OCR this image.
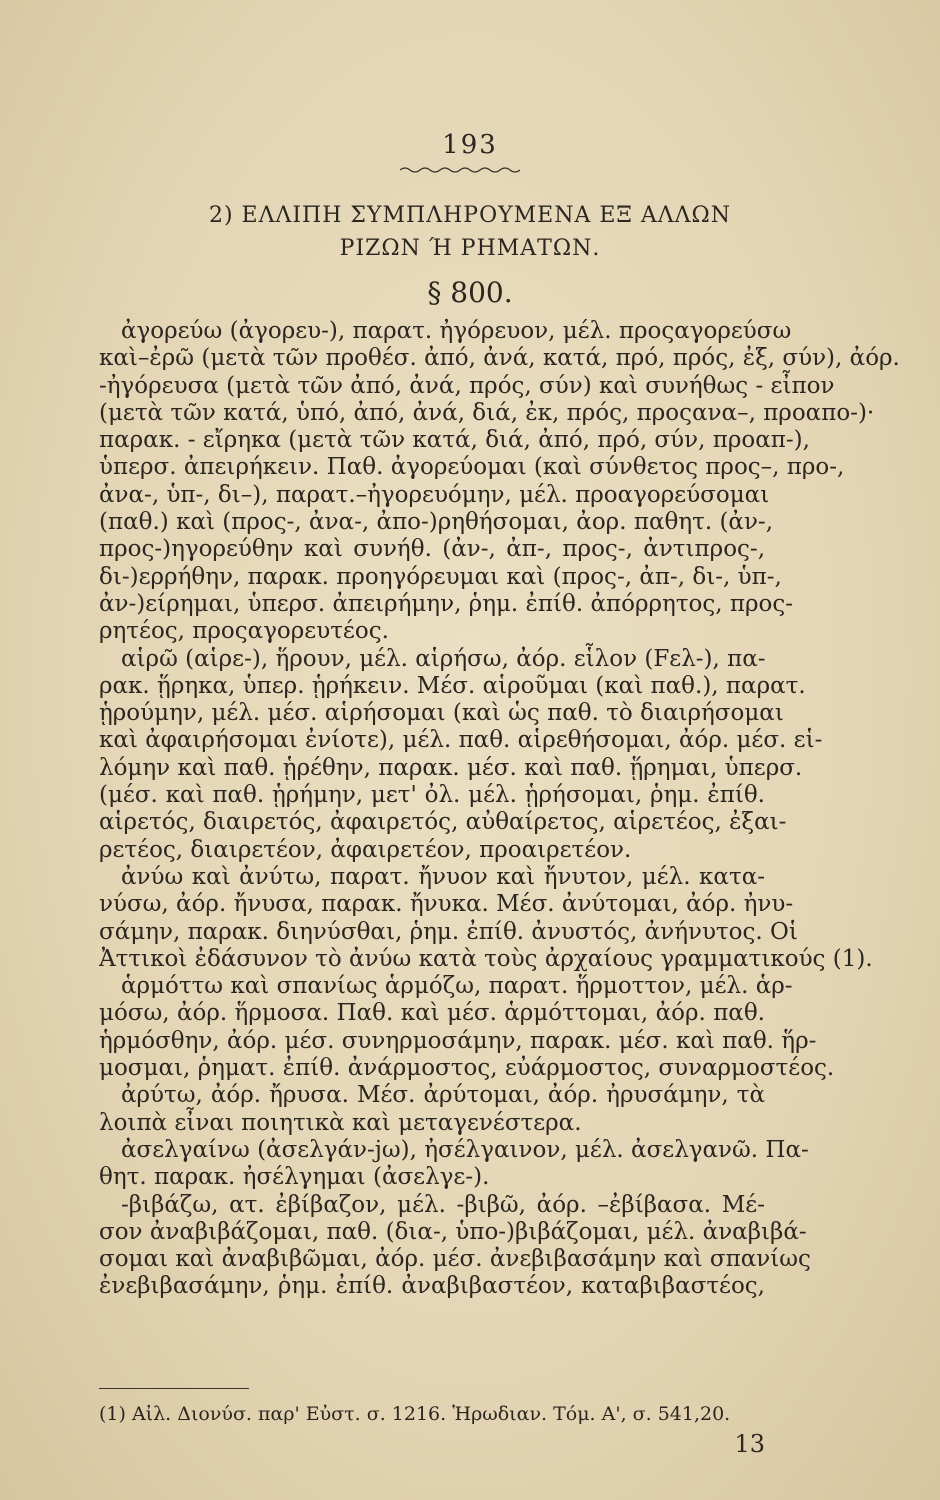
193
2) ΕΛΛΙΠΗ ΣΥΜΠΛΗΡΟΥΜΕΝΑ ΕΞ ΑΛΛΩΝ
ΡΙΖΩΝ Ή ΡΗΜΑΤΩΝ.
§ 800.
ἀγορεύω (ἀγορευ-), παρατ. ἠγόρευον, μέλ. προςαγορεύσω
καὶ–ἐρῶ (μετὰ τῶν προθέσ. ἀπό, ἀνά, κατά, πρό, πρός, ἐξ, σύν), ἀόρ.
-ἠγόρευσα (μετὰ τῶν ἀπό, ἀνά, πρός, σύν) καὶ συνήθως - εἶπον
(μετὰ τῶν κατά, ὑπό, ἀπό, ἀνά, διά, ἐκ, πρός, προςανα–, προαπο-)·
παρακ. - εἴρηκα (μετὰ τῶν κατά, διά, ἀπό, πρό, σύν, προαπ-),
ὑπερσ. ἀπειρήκειν. Παθ. ἀγορεύομαι (καὶ σύνθετος προς–, προ-,
ἀνα-, ὑπ-, δι–), παρατ.–ἠγορευόμην, μέλ. προαγορεύσομαι
(παθ.) καὶ (προς-, ἀνα-, ἀπο-)ρηθήσομαι, ἀορ. παθητ. (ἀν-,
προς-)ηγορεύθην καὶ συνήθ. (ἀν-, ἀπ-, προς-, ἀντιπρος-,
δι-)ερρήθην, παρακ. προηγόρευμαι καὶ (προς-, ἀπ-, δι-, ὑπ-,
ἀν-)είρημαι, ὑπερσ. ἀπειρήμην, ῥημ. ἐπίθ. ἀπόρρητος, προς-
ρητέος, προςαγορευτέος.
αἱρῶ (αἱρε-), ἥρουν, μέλ. αἱρήσω, ἀόρ. εἷλον (Fελ-), πα-
ρακ. ᾕρηκα, ὑπερ. ᾑρήκειν. Μέσ. αἱροῦμαι (καὶ παθ.), παρατ.
ᾑρούμην, μέλ. μέσ. αἱρήσομαι (καὶ ὡς παθ. τὸ διαιρήσομαι
καὶ ἀφαιρήσομαι ἐνίοτε), μέλ. παθ. αἱρεθήσομαι, ἀόρ. μέσ. εἱ-
λόμην καὶ παθ. ᾑρέθην, παρακ. μέσ. καὶ παθ. ᾕρημαι, ὑπερσ.
(μέσ. καὶ παθ. ᾑρήμην, μετ' ὀλ. μέλ. ᾑρήσομαι, ῥημ. ἐπίθ.
αἱρετός, διαιρετός, ἀφαιρετός, αὐθαίρετος, αἱρετέος, ἐξαι-
ρετέος, διαιρετέον, ἀφαιρετέον, προαιρετέον.
ἀνύω καὶ ἀνύτω, παρατ. ἤνυον καὶ ἤνυτον, μέλ. κατα-
νύσω, ἀόρ. ἤνυσα, παρακ. ἤνυκα. Μέσ. ἀνύτομαι, ἀόρ. ἠνυ-
σάμην, παρακ. διηνύσθαι, ῥημ. ἐπίθ. ἀνυστός, ἀνήνυτος. Οἱ
Ἀττικοὶ ἐδάσυνον τὸ ἀνύω κατὰ τοὺς ἀρχαίους γραμματικούς (1).
ἁρμόττω καὶ σπανίως ἁρμόζω, παρατ. ἥρμοττον, μέλ. ἁρ-
μόσω, ἀόρ. ἥρμοσα. Παθ. καὶ μέσ. ἁρμόττομαι, ἀόρ. παθ.
ἡρμόσθην, ἀόρ. μέσ. συνηρμοσάμην, παρακ. μέσ. καὶ παθ. ἥρ-
μοσμαι, ῥηματ. ἐπίθ. ἀνάρμοστος, εὐάρμοστος, συναρμοστέος.
ἀρύτω, ἀόρ. ἤρυσα. Μέσ. ἀρύτομαι, ἀόρ. ἠρυσάμην, τὰ
λοιπὰ εἶναι ποιητικὰ καὶ μεταγενέστερα.
ἀσελγαίνω (ἀσελγάν-jω), ἠσέλγαινον, μέλ. ἀσελγανῶ. Πα-
θητ. παρακ. ἠσέλγημαι (ἀσελγε-).
-βιβάζω, ατ. ἐβίβαζον, μέλ. -βιβῶ, ἀόρ. –ἐβίβασα. Μέ-
σον ἀναβιβάζομαι, παθ. (δια-, ὑπο-)βιβάζομαι, μέλ. ἀναβιβά-
σομαι καὶ ἀναβιβῶμαι, ἀόρ. μέσ. ἀνεβιβασάμην καὶ σπανίως
ἐνεβιβασάμην, ῥημ. ἐπίθ. ἀναβιβαστέον, καταβιβαστέος,
(1) Αἰλ. Διονύσ. παρ' Εὐστ. σ. 1216. Ἡρωδιαν. Τόμ. Α', σ. 541,20.
13
